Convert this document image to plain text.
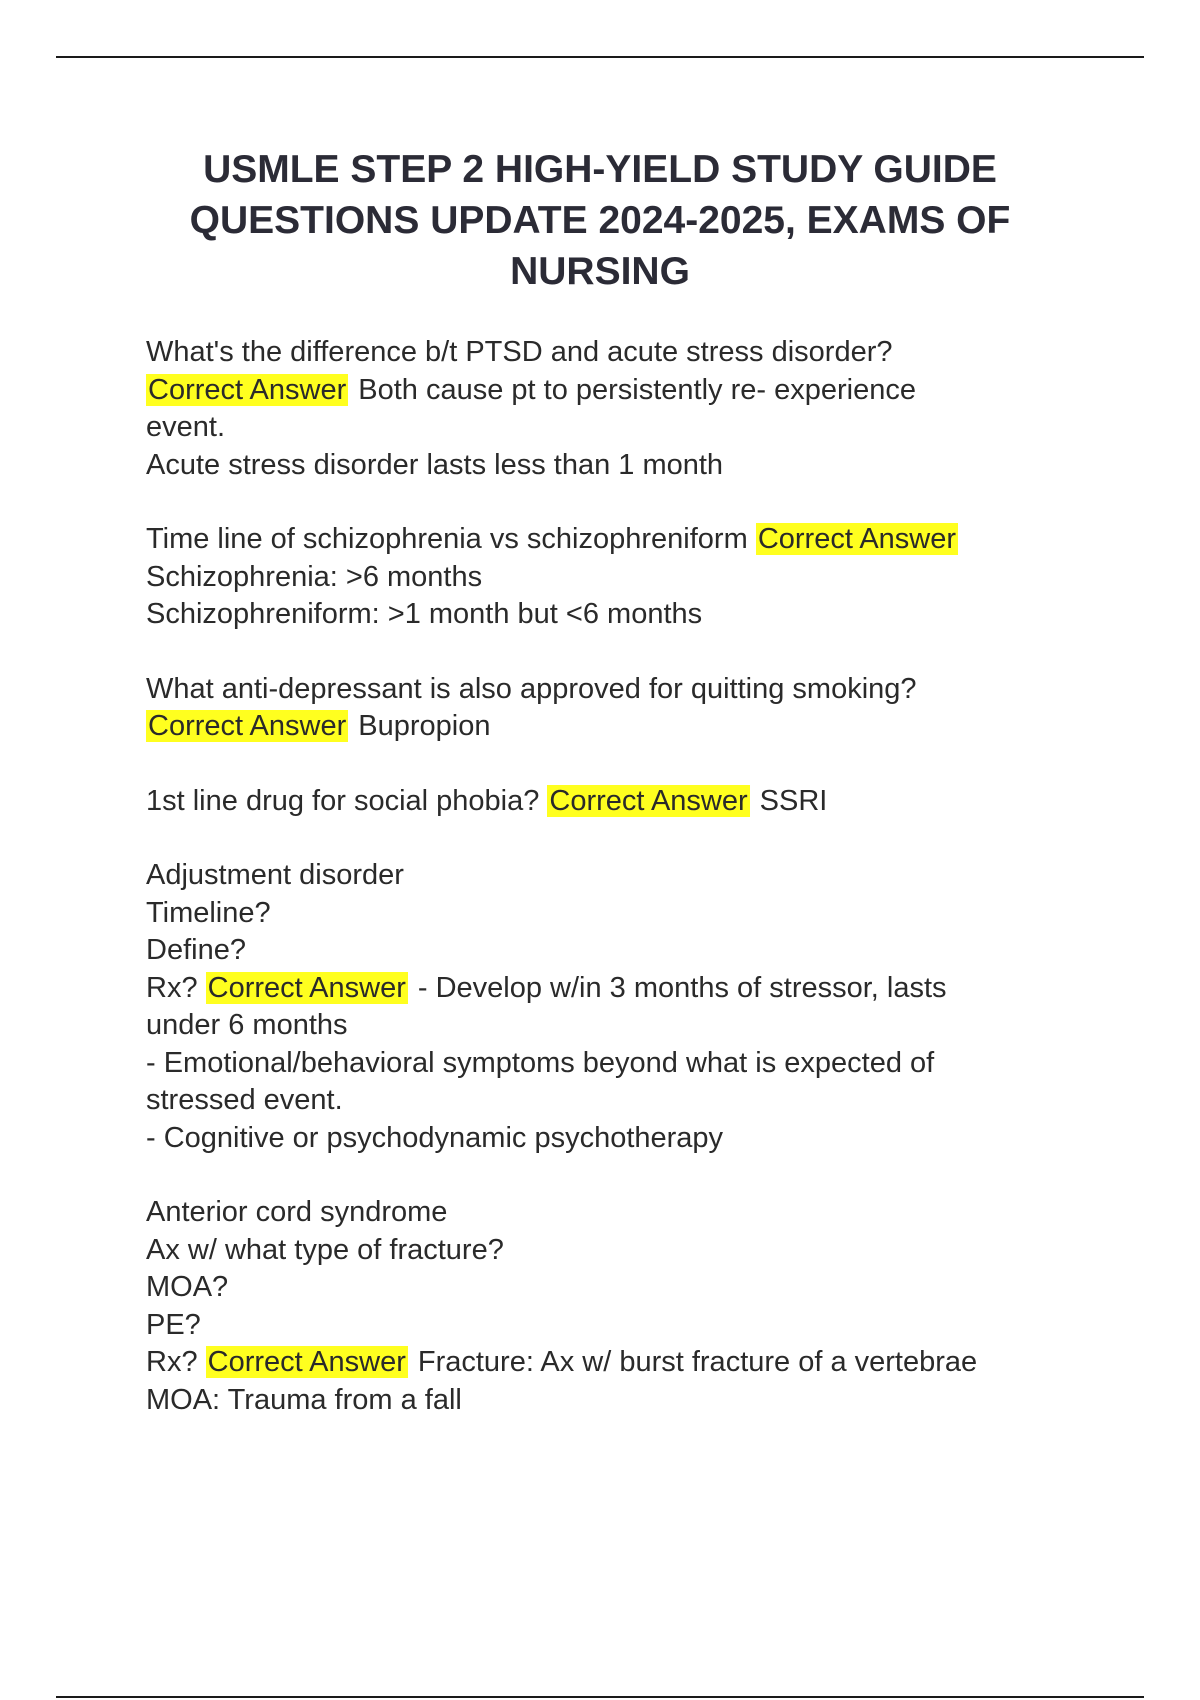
USMLE STEP 2 HIGH-YIELD STUDY GUIDE QUESTIONS UPDATE 2024-2025, EXAMS OF NURSING
What's the difference b/t PTSD and acute stress disorder?
Correct Answer Both cause pt to persistently re- experience
event.
Acute stress disorder lasts less than 1 month
Time line of schizophrenia vs schizophreniform Correct Answer
Schizophrenia: >6 months
Schizophreniform: >1 month but <6 months
What anti-depressant is also approved for quitting smoking?
Correct Answer Bupropion
1st line drug for social phobia? Correct Answer SSRI
Adjustment disorder
Timeline?
Define?
Rx? Correct Answer - Develop w/in 3 months of stressor, lasts
under 6 months
- Emotional/behavioral symptoms beyond what is expected of
stressed event.
- Cognitive or psychodynamic psychotherapy
Anterior cord syndrome
Ax w/ what type of fracture?
MOA?
PE?
Rx? Correct Answer Fracture: Ax w/ burst fracture of a vertebrae
MOA: Trauma from a fall
